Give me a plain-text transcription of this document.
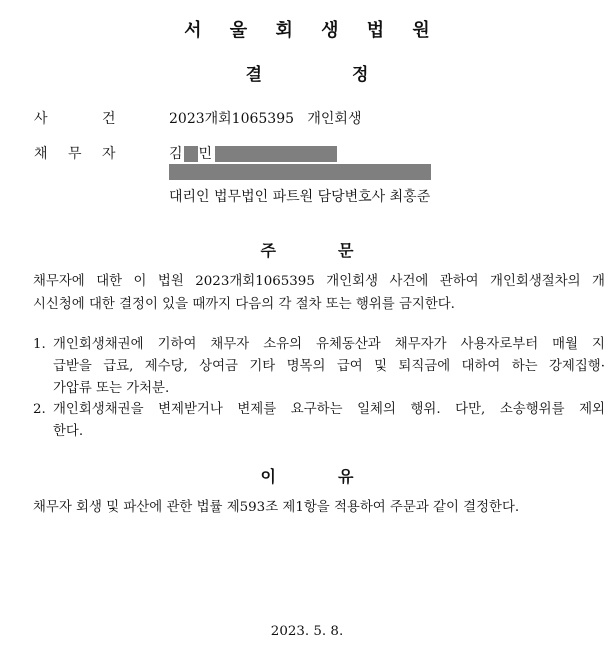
서 울 회 생 법 원
결	정
사	건	2023개회1065395   개인회생
채 무 자	김 민
대리인 법무법인 파트원 담당변호사 최홍준
주	문
채무자에 대한 이 법원 2023개회1065395 개인회생 사건에 관하여 개인회생절차의 개
시신청에 대한 결정이 있을 때까지 다음의 각 절차 또는 행위를 금지한다.
1. 개인회생채권에 기하여 채무자 소유의 유체동산과 채무자가 사용자로부터 매월 지
급받을 급료, 제수당, 상여금 기타 명목의 급여 및 퇴직금에 대하여 하는 강제집행·
가압류 또는 가처분.
2. 개인회생채권을 변제받거나 변제를 요구하는 일체의 행위. 다만, 소송행위를 제외
한다.
이	유
채무자 회생 및 파산에 관한 법률 제593조 제1항을 적용하여 주문과 같이 결정한다.
2023. 5. 8.
